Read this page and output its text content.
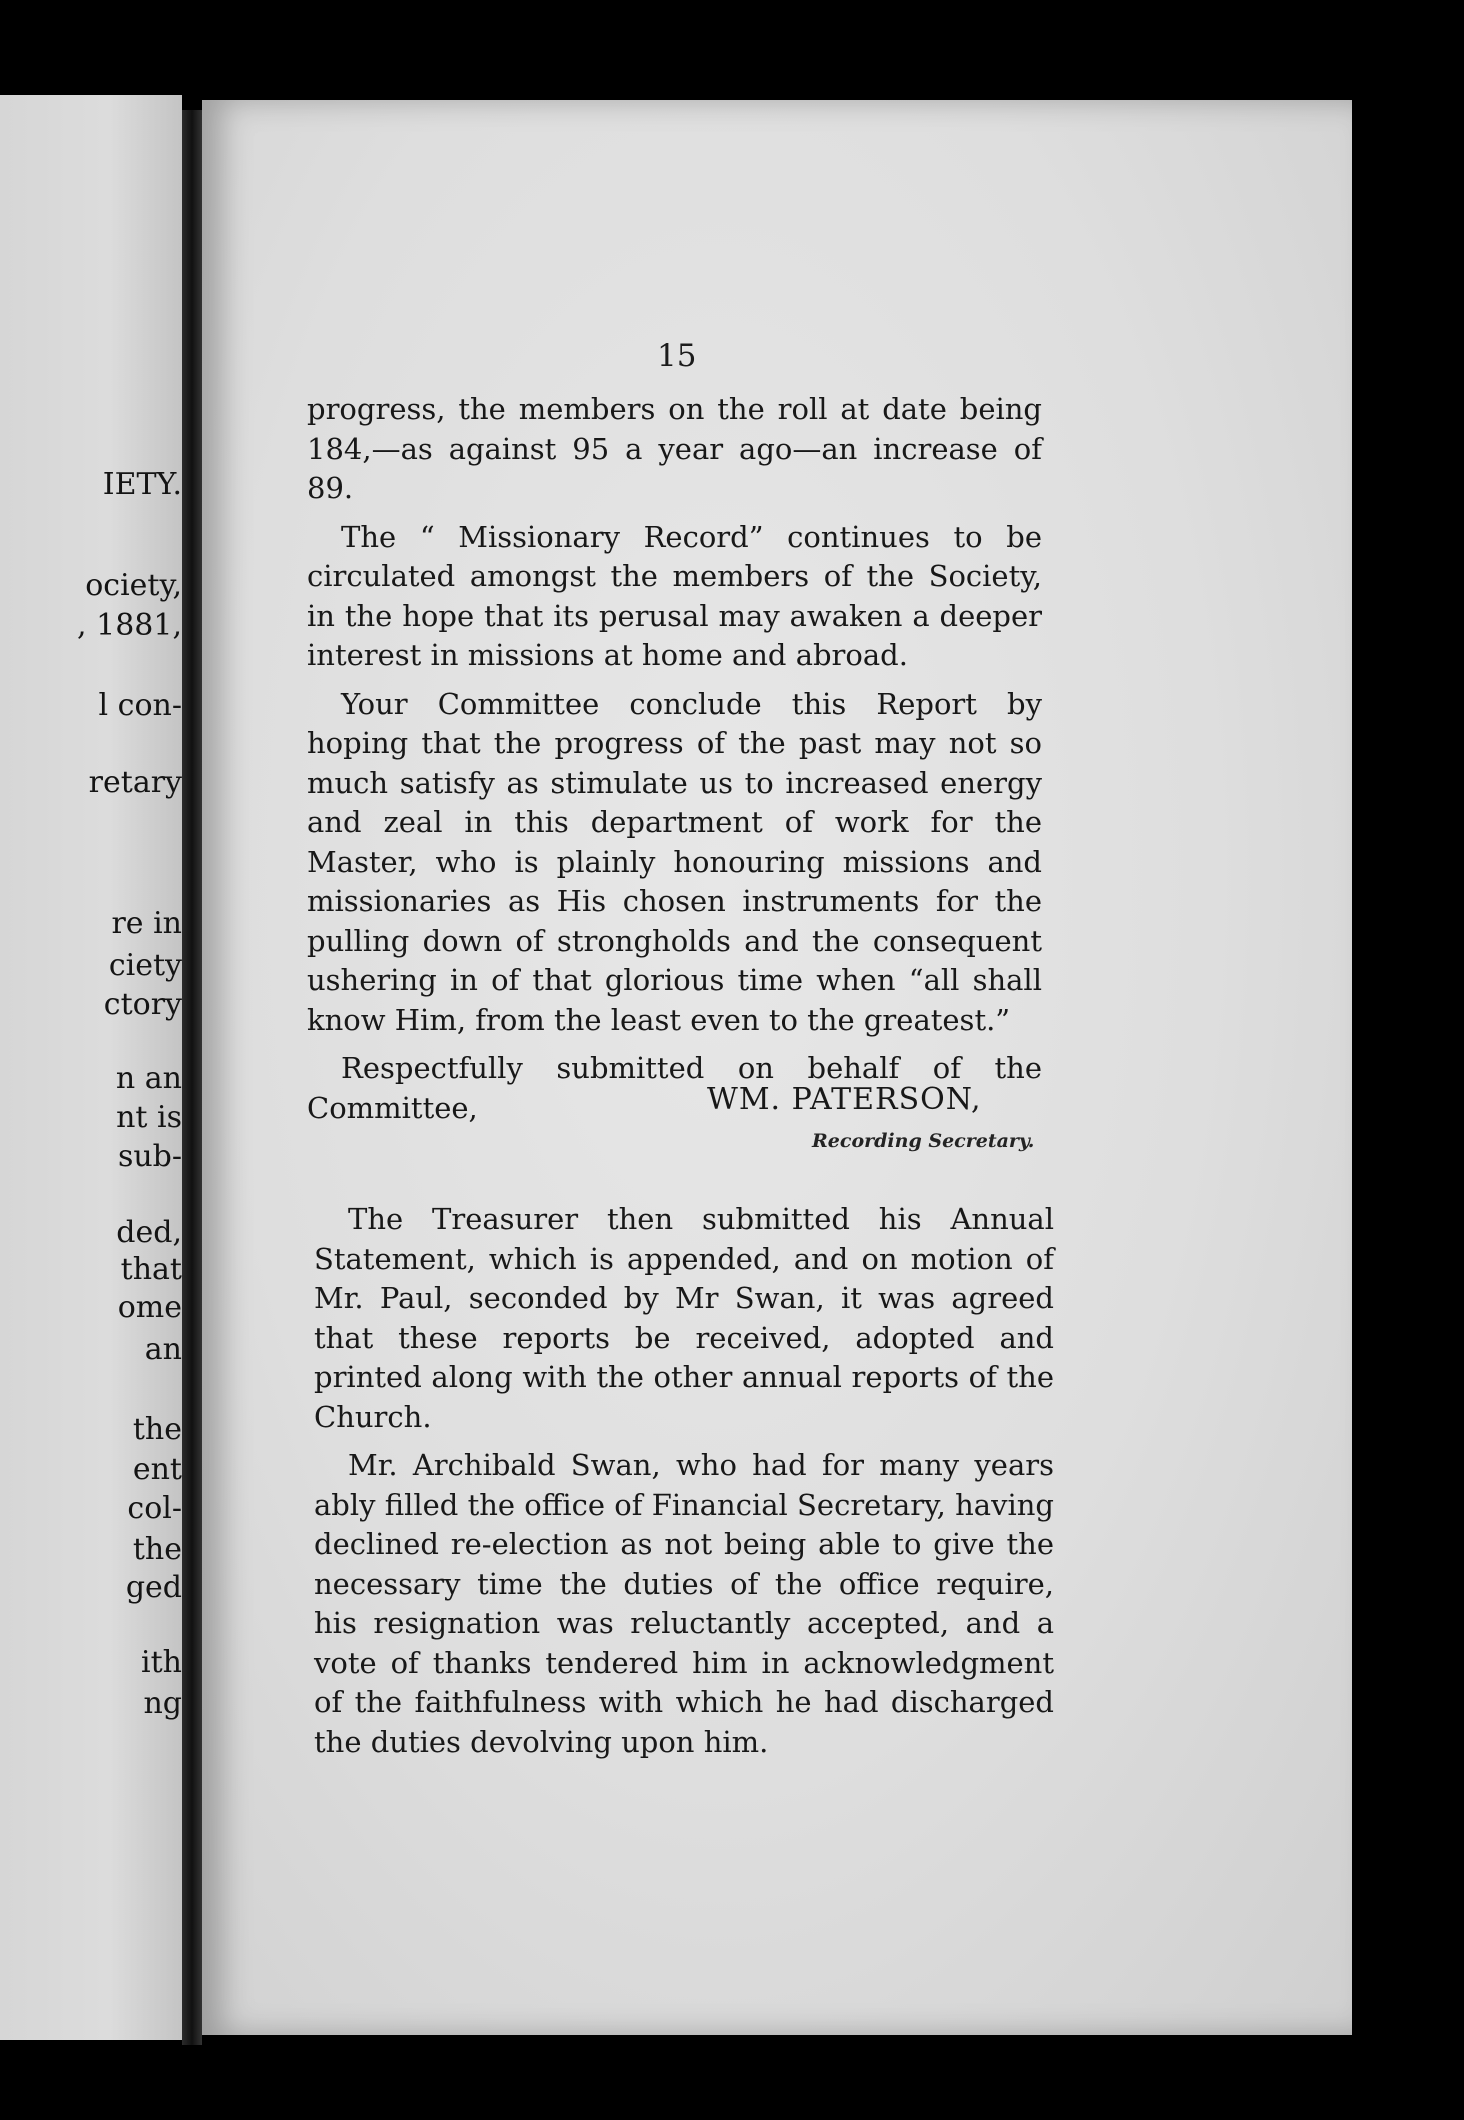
IETY.
ociety,
, 1881,
l con-
retary
re in
ciety
ctory
n an
nt is
sub-
ded,
that
ome
an
the
ent
col-
the
ged
ith
ng
15

progress, the members on the roll at date being 184,—as against 95 a year ago—an increase of 89.

The “ Missionary Record” continues to be circulated amongst the members of the Society, in the hope that its perusal may awaken a deeper interest in missions at home and abroad.

Your Committee conclude this Report by hoping that the progress of the past may not so much satisfy as stimulate us to increased energy and zeal in this department of work for the Master, who is plainly honouring missions and missionaries as His chosen instruments for the pulling down of strongholds and the consequent ushering in of that glorious time when “all shall know Him, from the least even to the greatest.”

Respectfully submitted on behalf of the Committee,	WM. PATERSON,
Recording Secretary.

The Treasurer then submitted his Annual Statement, which is appended, and on motion of Mr. Paul, seconded by Mr Swan, it was agreed that these reports be received, adopted and printed along with the other annual reports of the Church.

Mr. Archibald Swan, who had for many years ably filled the office of Financial Secretary, having declined re-election as not being able to give the necessary time the duties of the office require, his resignation was reluctantly accepted, and a vote of thanks tendered him in acknowledgment of the faithfulness with which he had discharged the duties devolving upon him.
